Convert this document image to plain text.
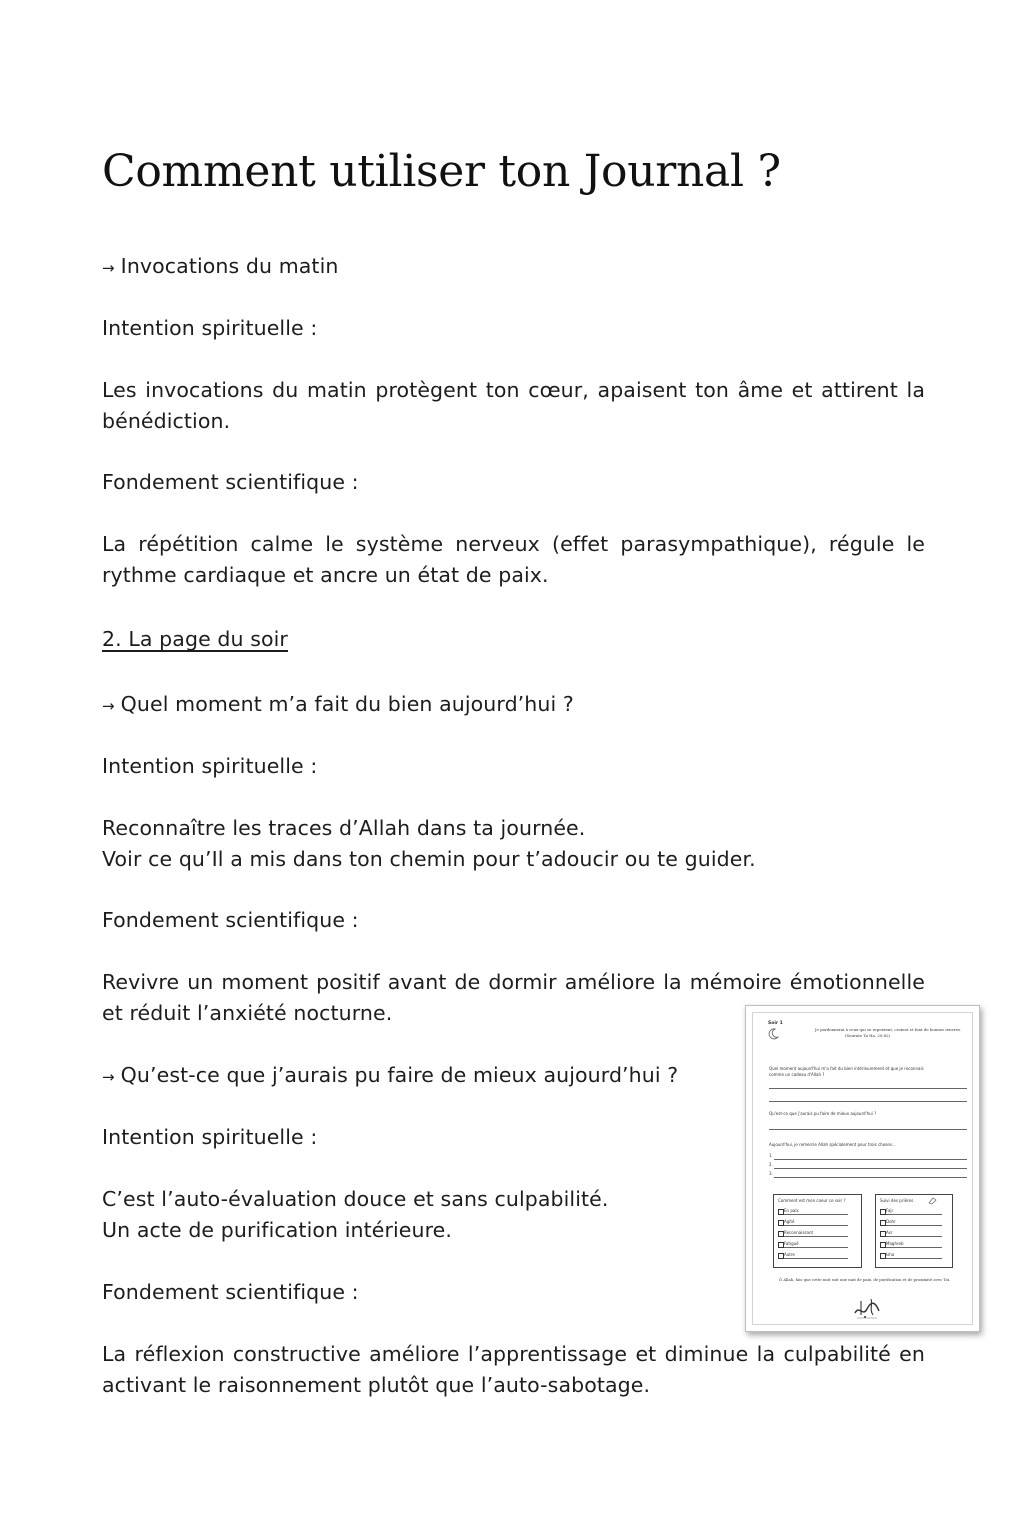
Comment utiliser ton Journal ?
→ Invocations du matin
Intention spirituelle :
Les invocations du matin protègent ton cœur, apaisent ton âme et attirent la bénédiction.
Fondement scientifique :
La répétition calme le système nerveux (effet parasympathique), régule le rythme cardiaque et ancre un état de paix.
2. La page du soir
→ Quel moment m’a fait du bien aujourd’hui ?
Intention spirituelle :
Reconnaître les traces d’Allah dans ta journée.
Voir ce qu’Il a mis dans ton chemin pour t’adoucir ou te guider.
Fondement scientifique :
Revivre un moment positif avant de dormir améliore la mémoire émotionnelle et réduit l’anxiété nocturne.
→ Qu’est-ce que j’aurais pu faire de mieux aujourd’hui ?
Intention spirituelle :
C’est l’auto-évaluation douce et sans culpabilité.
Un acte de purification intérieure.
Fondement scientifique :
La réflexion constructive améliore l’apprentissage et diminue la culpabilité en activant le raisonnement plutôt que l’auto-sabotage.
Soir 1
Je pardonnerai à ceux qui se repentent, croient et font de bonnes œuvres.
(Sourate Ta Ha, 20:82)
Quel moment aujourd'hui m'a fait du bien intérieurement et que je reconnais
comme un cadeau d'Allah ?
Qu'est-ce que j'aurais pu faire de mieux aujourd'hui ?
Aujourd'hui, je remercie Allah spécialement pour trois choses...
1.
2.
3.
Comment est mon coeur ce soir ?
En paix
Agité
Reconnaissant
Fatigué
Autre
Suivi des prières
Fajr
Dohr
Asr
Maghreb
Isha
Ô Allah, fais que cette nuit soit une nuit de paix, de purification et de proximité avec Toi.
